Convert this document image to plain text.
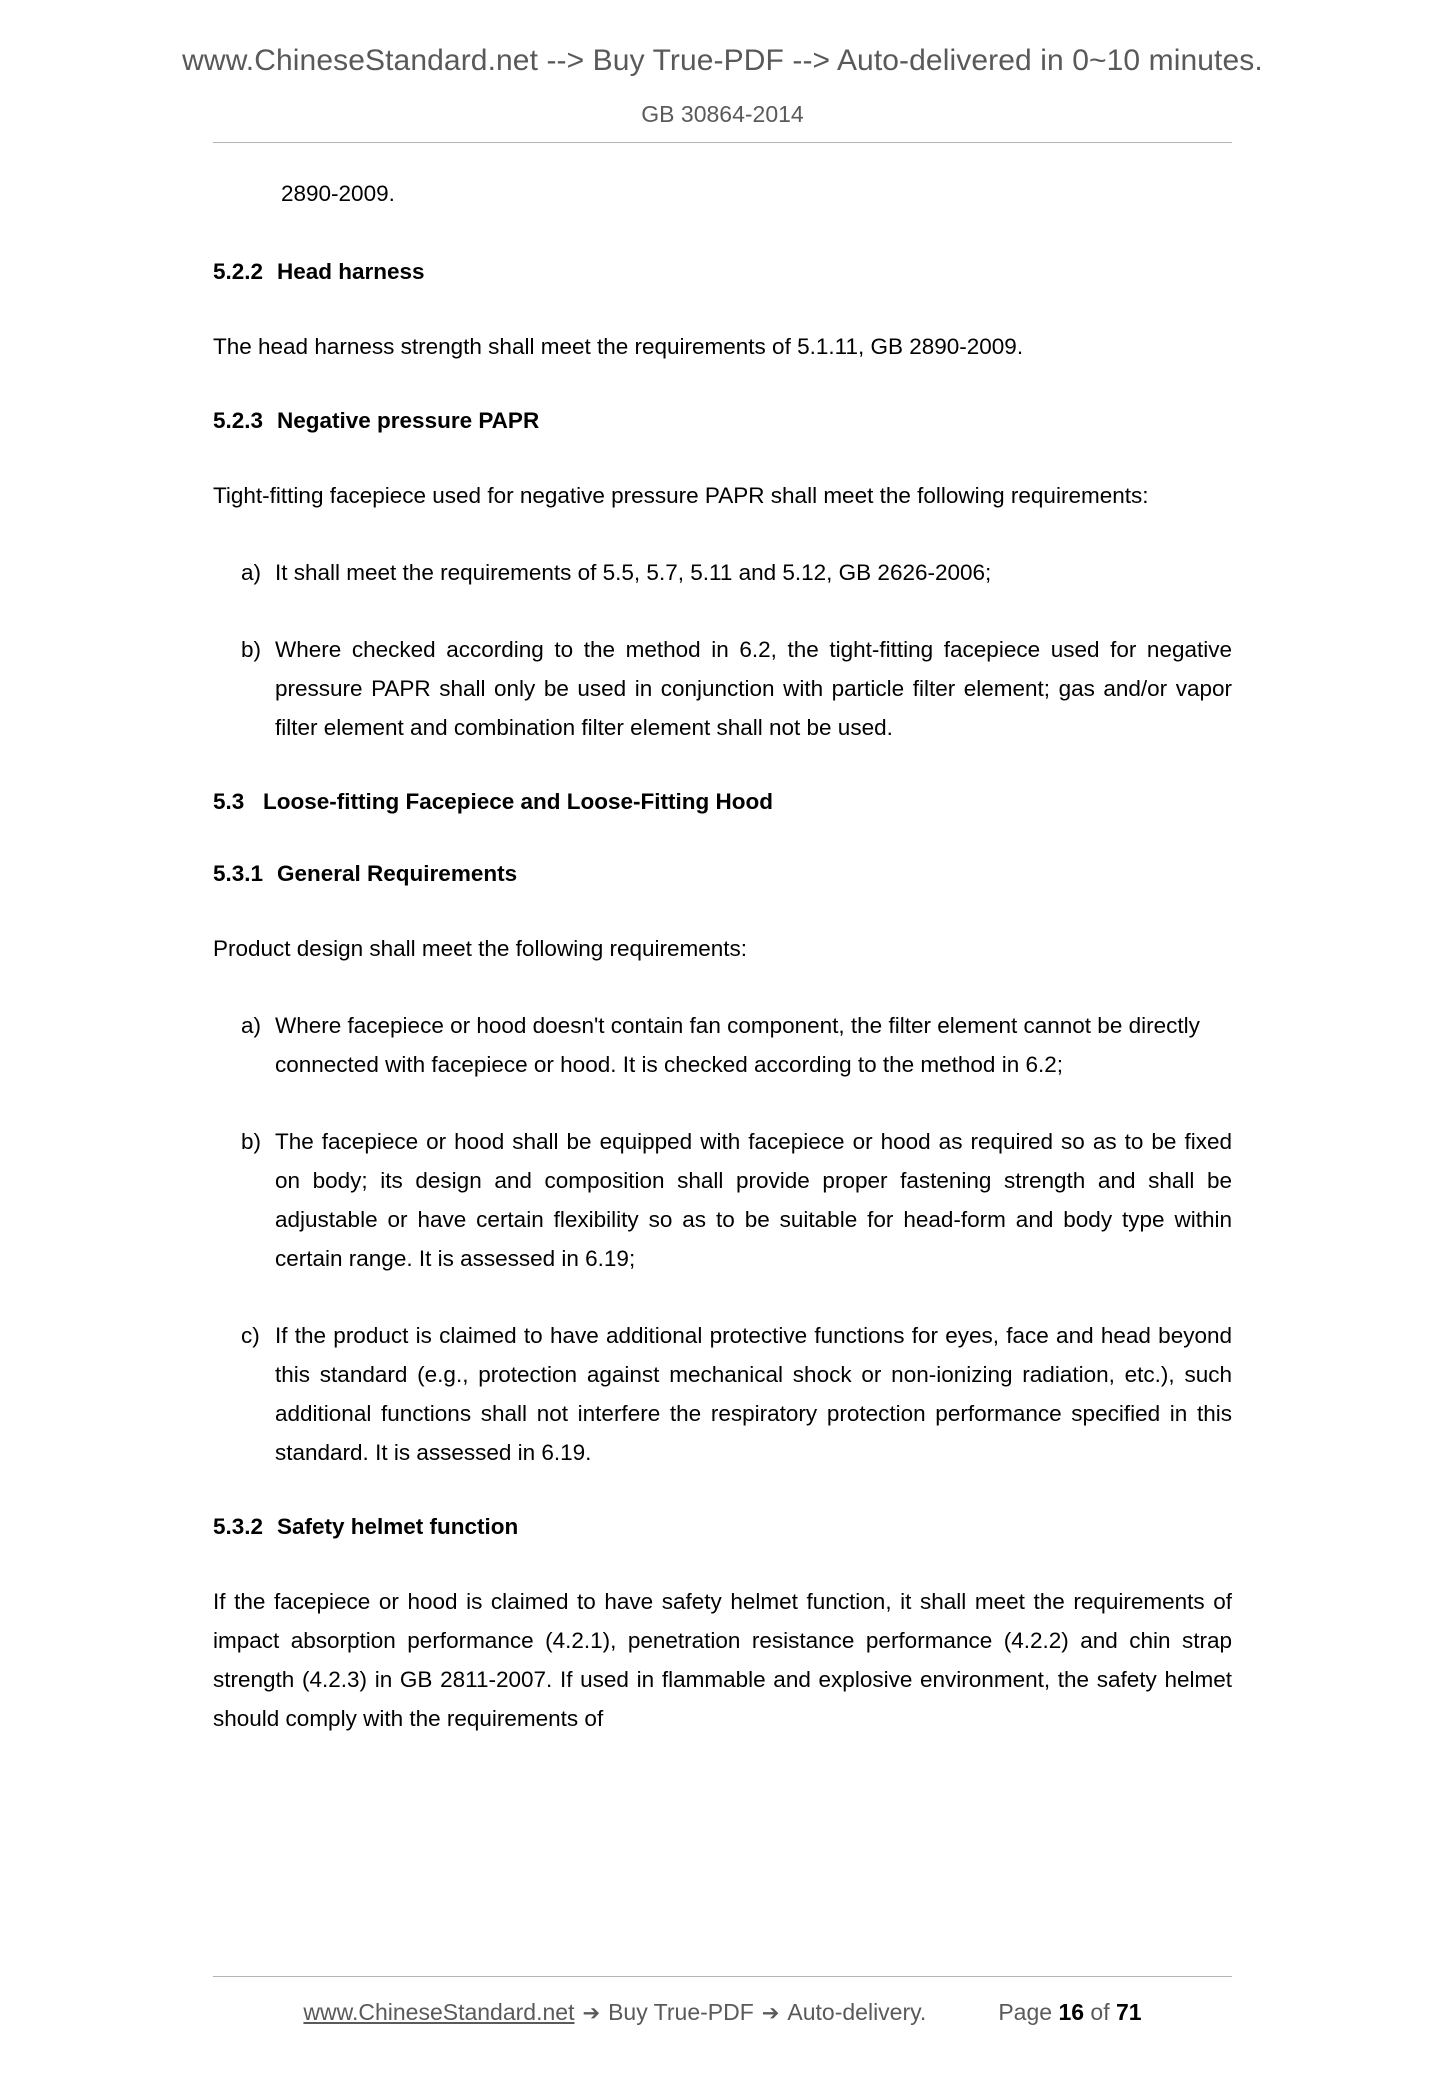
www.ChineseStandard.net --> Buy True-PDF --> Auto-delivered in 0~10 minutes.
GB 30864-2014
2890-2009.
5.2.2 Head harness

The head harness strength shall meet the requirements of 5.1.11, GB 2890-2009.

5.2.3 Negative pressure PAPR

Tight-fitting facepiece used for negative pressure PAPR shall meet the following requirements:

a) It shall meet the requirements of 5.5, 5.7, 5.11 and 5.12, GB 2626-2006;
b) Where checked according to the method in 6.2, the tight-fitting facepiece used for negative pressure PAPR shall only be used in conjunction with particle filter element; gas and/or vapor filter element and combination filter element shall not be used.
5.3 Loose-fitting Facepiece and Loose-Fitting Hood
5.3.1 General Requirements

Product design shall meet the following requirements:

a) Where facepiece or hood doesn't contain fan component, the filter element cannot be directly connected with facepiece or hood. It is checked according to the method in 6.2;
b) The facepiece or hood shall be equipped with facepiece or hood as required so as to be fixed on body; its design and composition shall provide proper fastening strength and shall be adjustable or have certain flexibility so as to be suitable for head-form and body type within certain range. It is assessed in 6.19;
c) If the product is claimed to have additional protective functions for eyes, face and head beyond this standard (e.g., protection against mechanical shock or non-ionizing radiation, etc.), such additional functions shall not interfere the respiratory protection performance specified in this standard. It is assessed in 6.19.
5.3.2 Safety helmet function

If the facepiece or hood is claimed to have safety helmet function, it shall meet the requirements of impact absorption performance (4.2.1), penetration resistance performance (4.2.2) and chin strap strength (4.2.3) in GB 2811-2007. If used in flammable and explosive environment, the safety helmet should comply with the requirements of

www.ChineseStandard.net ➔ Buy True-PDF ➔ Auto-delivery.	Page 16 of 71
